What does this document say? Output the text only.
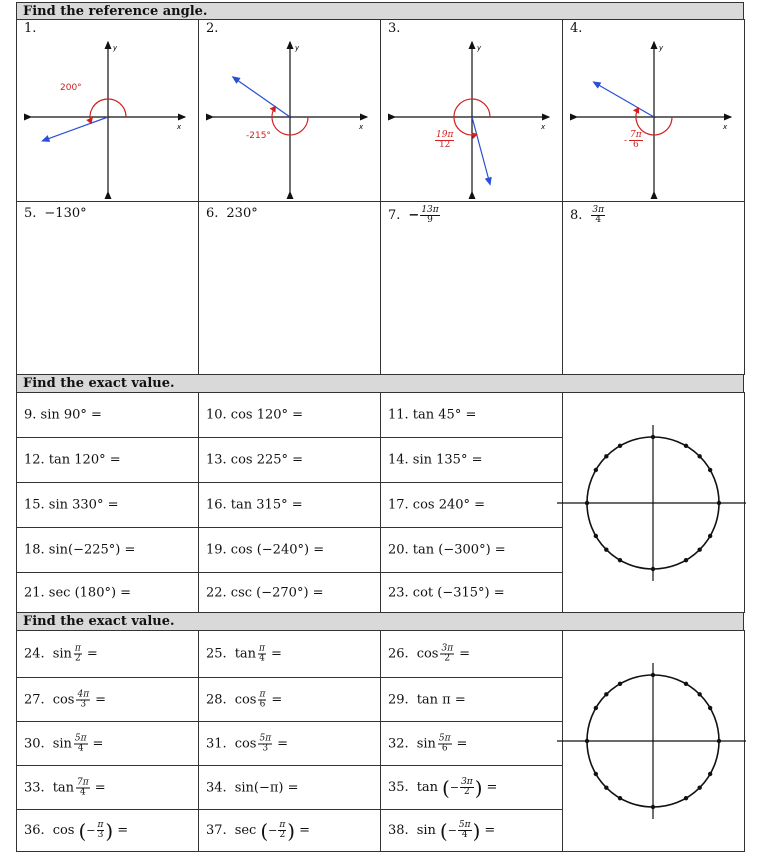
Find the reference angle.
1.
x
y
200°
2.
x
y
-215°
3.
x
y
$\frac{19\pi}{12}$
4.
x
y
- $\frac{7\pi}{6}$
5. −130°	6. 230°	7. − $\frac{13\pi}{9}$	8. $\frac{3\pi}{4}$
Find the exact value.
9. sin 90° =	10. cos 120° =	11. tan 45° =
12. tan 120° =	13. cos 225° =	14. sin 135° =
15. sin 330° =	16. tan 315° =	17. cos 240° =
18. sin(−225°) =	19. cos (−240°) =	20. tan (−300°) =
21. sec (180°) =	22. csc (−270°) =	23. cot (−315°) =
Find the exact value.
24. $\sin \frac{\pi}{2}$ =	25. $\tan \frac{\pi}{4}$ =	26. $\cos \frac{3\pi}{2}$ =
27. $\cos \frac{4\pi}{3}$ =	28. $\cos \frac{\pi}{6}$ =	29. tan π =
30. $\sin \frac{5\pi}{4}$ =	31. $\cos \frac{5\pi}{3}$ =	32. $\sin \frac{5\pi}{6}$ =
33. $\tan \frac{7\pi}{4}$ =	34. sin(−π) =	35. tan ( − $\frac{3\pi}{2}$ ) =
36. cos ( − $\frac{\pi}{3}$ ) =	37. sec ( − $\frac{\pi}{2}$ ) =	38. sin ( − $\frac{5\pi}{4}$ ) =
